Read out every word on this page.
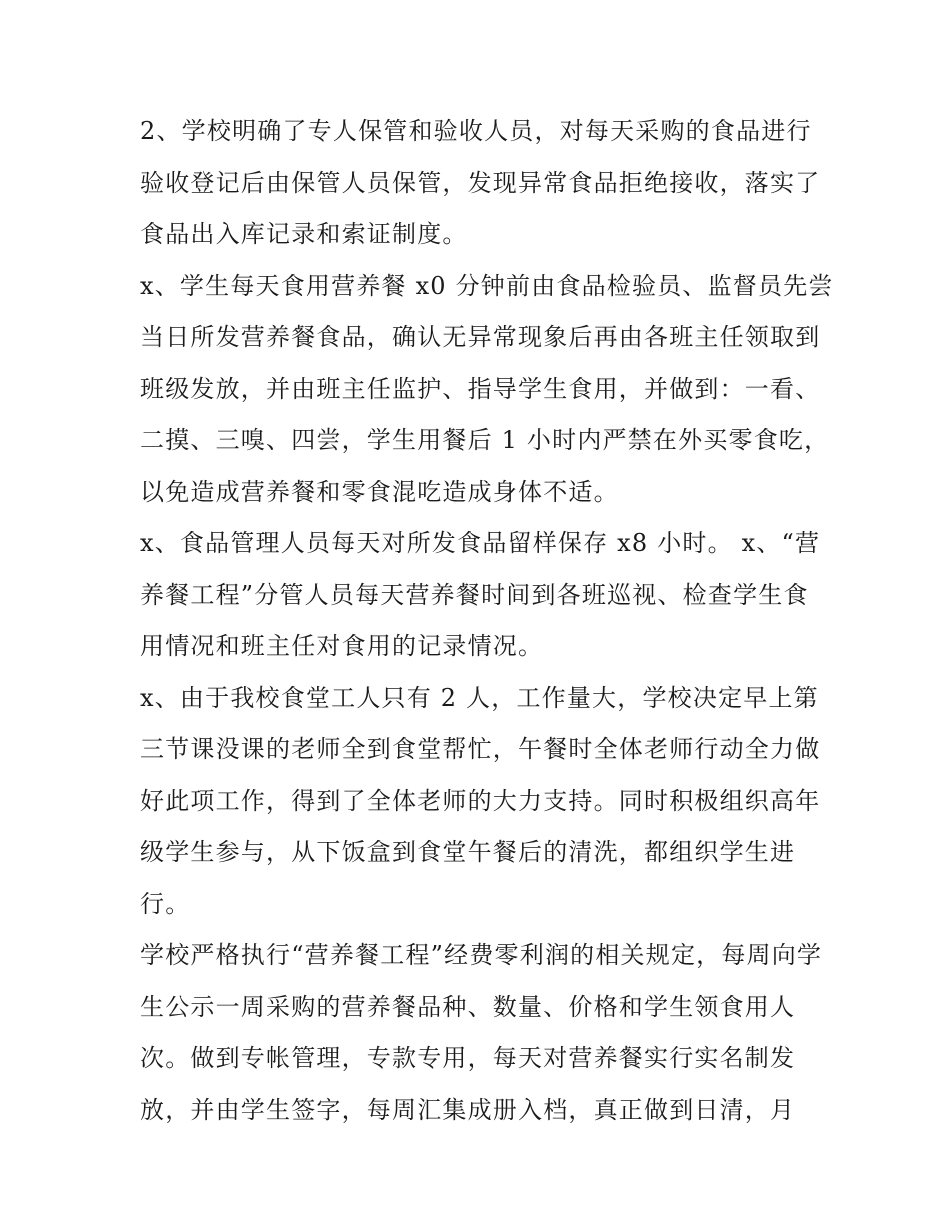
2、学校明确了专人保管和验收人员，对每天采购的食品进行
验收登记后由保管人员保管，发现异常食品拒绝接收，落实了
食品出入库记录和索证制度。
x、学生每天食用营养餐 x0 分钟前由食品检验员、监督员先尝
当日所发营养餐食品，确认无异常现象后再由各班主任领取到
班级发放，并由班主任监护、指导学生食用，并做到：一看、
二摸、三嗅、四尝，学生用餐后 1 小时内严禁在外买零食吃，
以免造成营养餐和零食混吃造成身体不适。
x、食品管理人员每天对所发食品留样保存 x8 小时。 x、“营
养餐工程”分管人员每天营养餐时间到各班巡视、检查学生食
用情况和班主任对食用的记录情况。
x、由于我校食堂工人只有 2 人，工作量大，学校决定早上第
三节课没课的老师全到食堂帮忙，午餐时全体老师行动全力做
好此项工作，得到了全体老师的大力支持。同时积极组织高年
级学生参与，从下饭盒到食堂午餐后的清洗，都组织学生进
行。
学校严格执行“营养餐工程”经费零利润的相关规定，每周向学
生公示一周采购的营养餐品种、数量、价格和学生领食用人
次。做到专帐管理，专款专用，每天对营养餐实行实名制发
放，并由学生签字，每周汇集成册入档，真正做到日清，月
